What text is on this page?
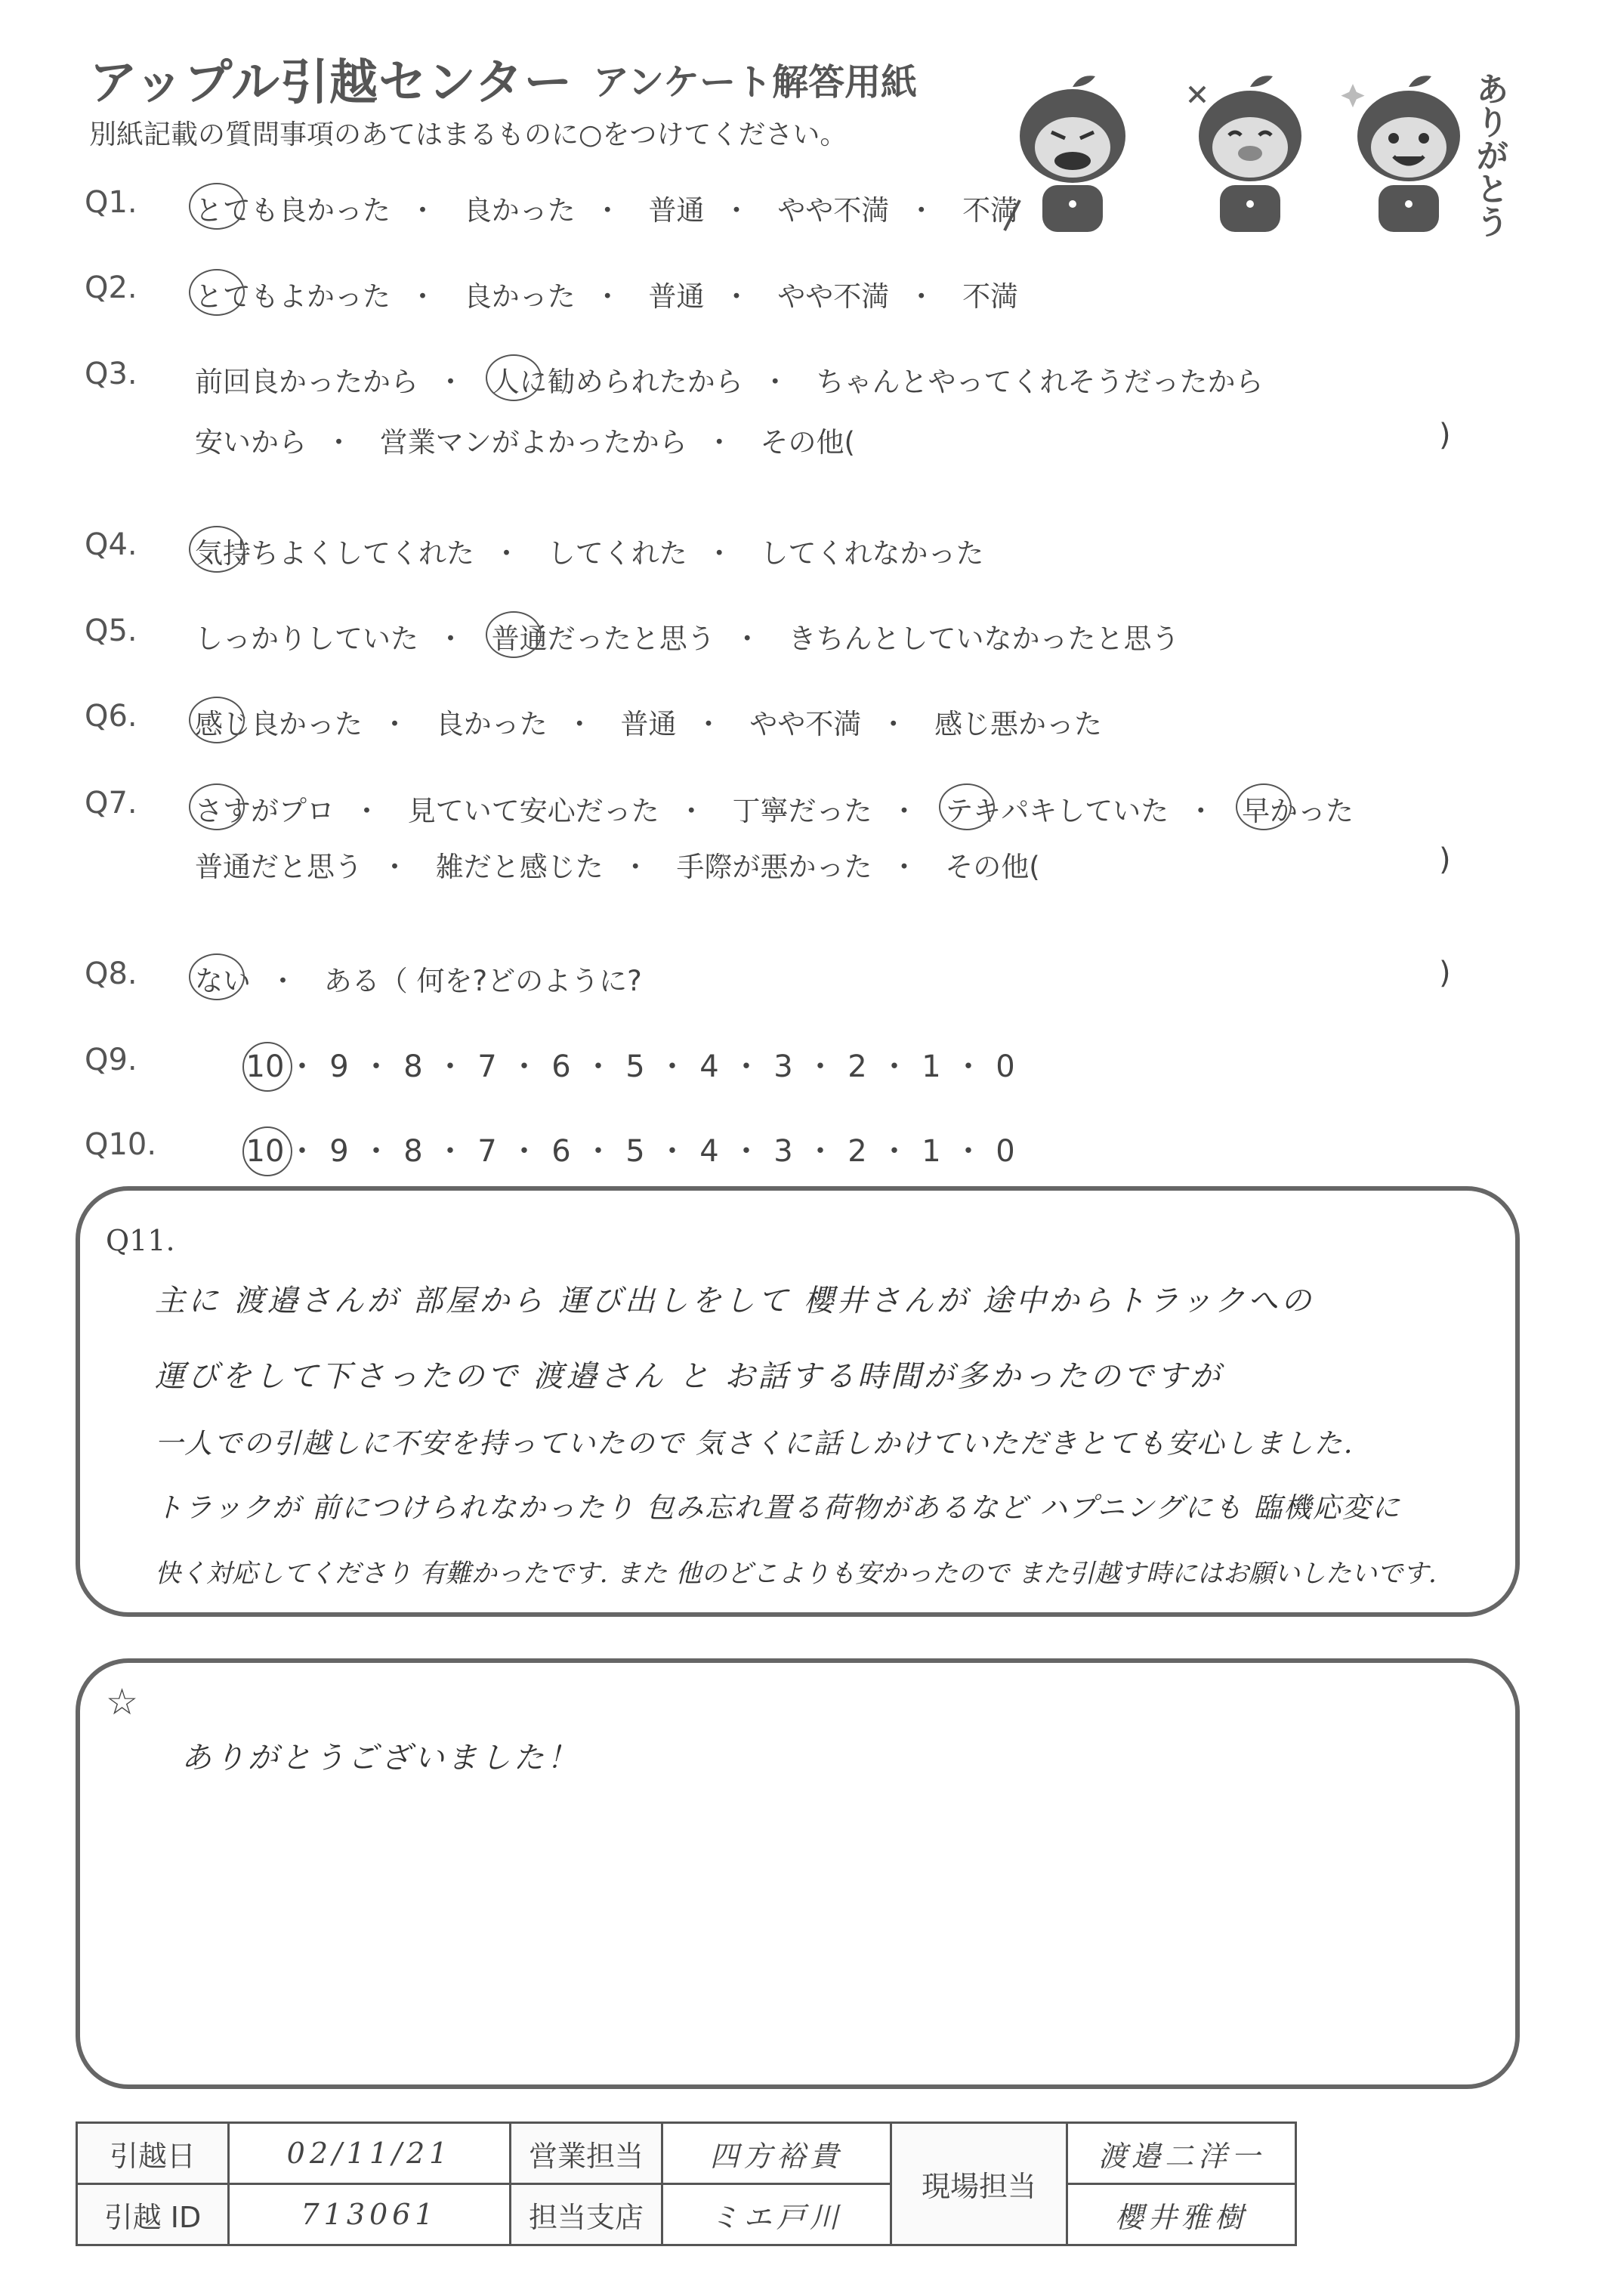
アップル引越センター アンケート解答用紙
別紙記載の質問事項のあてはまるものに○をつけてください。	ありがとう
Q1. とても良かった ・ 良かった ・ 普通 ・ やや不満 ・ 不満
Q2. とてもよかった ・ 良かった ・ 普通 ・ やや不満 ・ 不満
Q3. 前回良かったから ・ 人に勧められたから ・ ちゃんとやってくれそうだったから
安いから ・ 営業マンがよかったから ・ その他(	)
Q4. 気持ちよくしてくれた ・ してくれた ・ してくれなかった
Q5. しっかりしていた ・ 普通だったと思う ・ きちんとしていなかったと思う
Q6. 感じ良かった ・ 良かった ・ 普通 ・ やや不満 ・ 感じ悪かった
Q7. さすがプロ ・ 見ていて安心だった ・ 丁寧だった ・ テキパキしていた ・ 早かった
普通だと思う ・ 雑だと感じた ・ 手際が悪かった ・ その他(	)
Q8. ない ・ ある（ 何を?どのように?	)
Q9.	10・ 9 ・ 8 ・ 7 ・ 6 ・ 5 ・ 4 ・ 3 ・ 2 ・ 1 ・ 0
Q10.	10・ 9 ・ 8 ・ 7 ・ 6 ・ 5 ・ 4 ・ 3 ・ 2 ・ 1 ・ 0
Q11.
主に 渡邉さんが 部屋から 運び出しをして 櫻井さんが 途中からトラックへの
運びをして下さったので 渡邉さん と お話する時間が多かったのですが
一人での引越しに不安を持っていたので 気さくに話しかけていただきとても安心しました.
トラックが 前につけられなかったり 包み忘れ置る荷物があるなど ハプニングにも 臨機応変に
快く対応してくださり 有難かったです. また 他のどこよりも安かったので また引越す時にはお願いしたいです.
☆
ありがとうございました！
引越日	02/11/21	営業担当	四方裕貴	現場担当	渡邉二洋一
引越 ID	713061	担当支店	ミエ戸川		櫻井雅樹
